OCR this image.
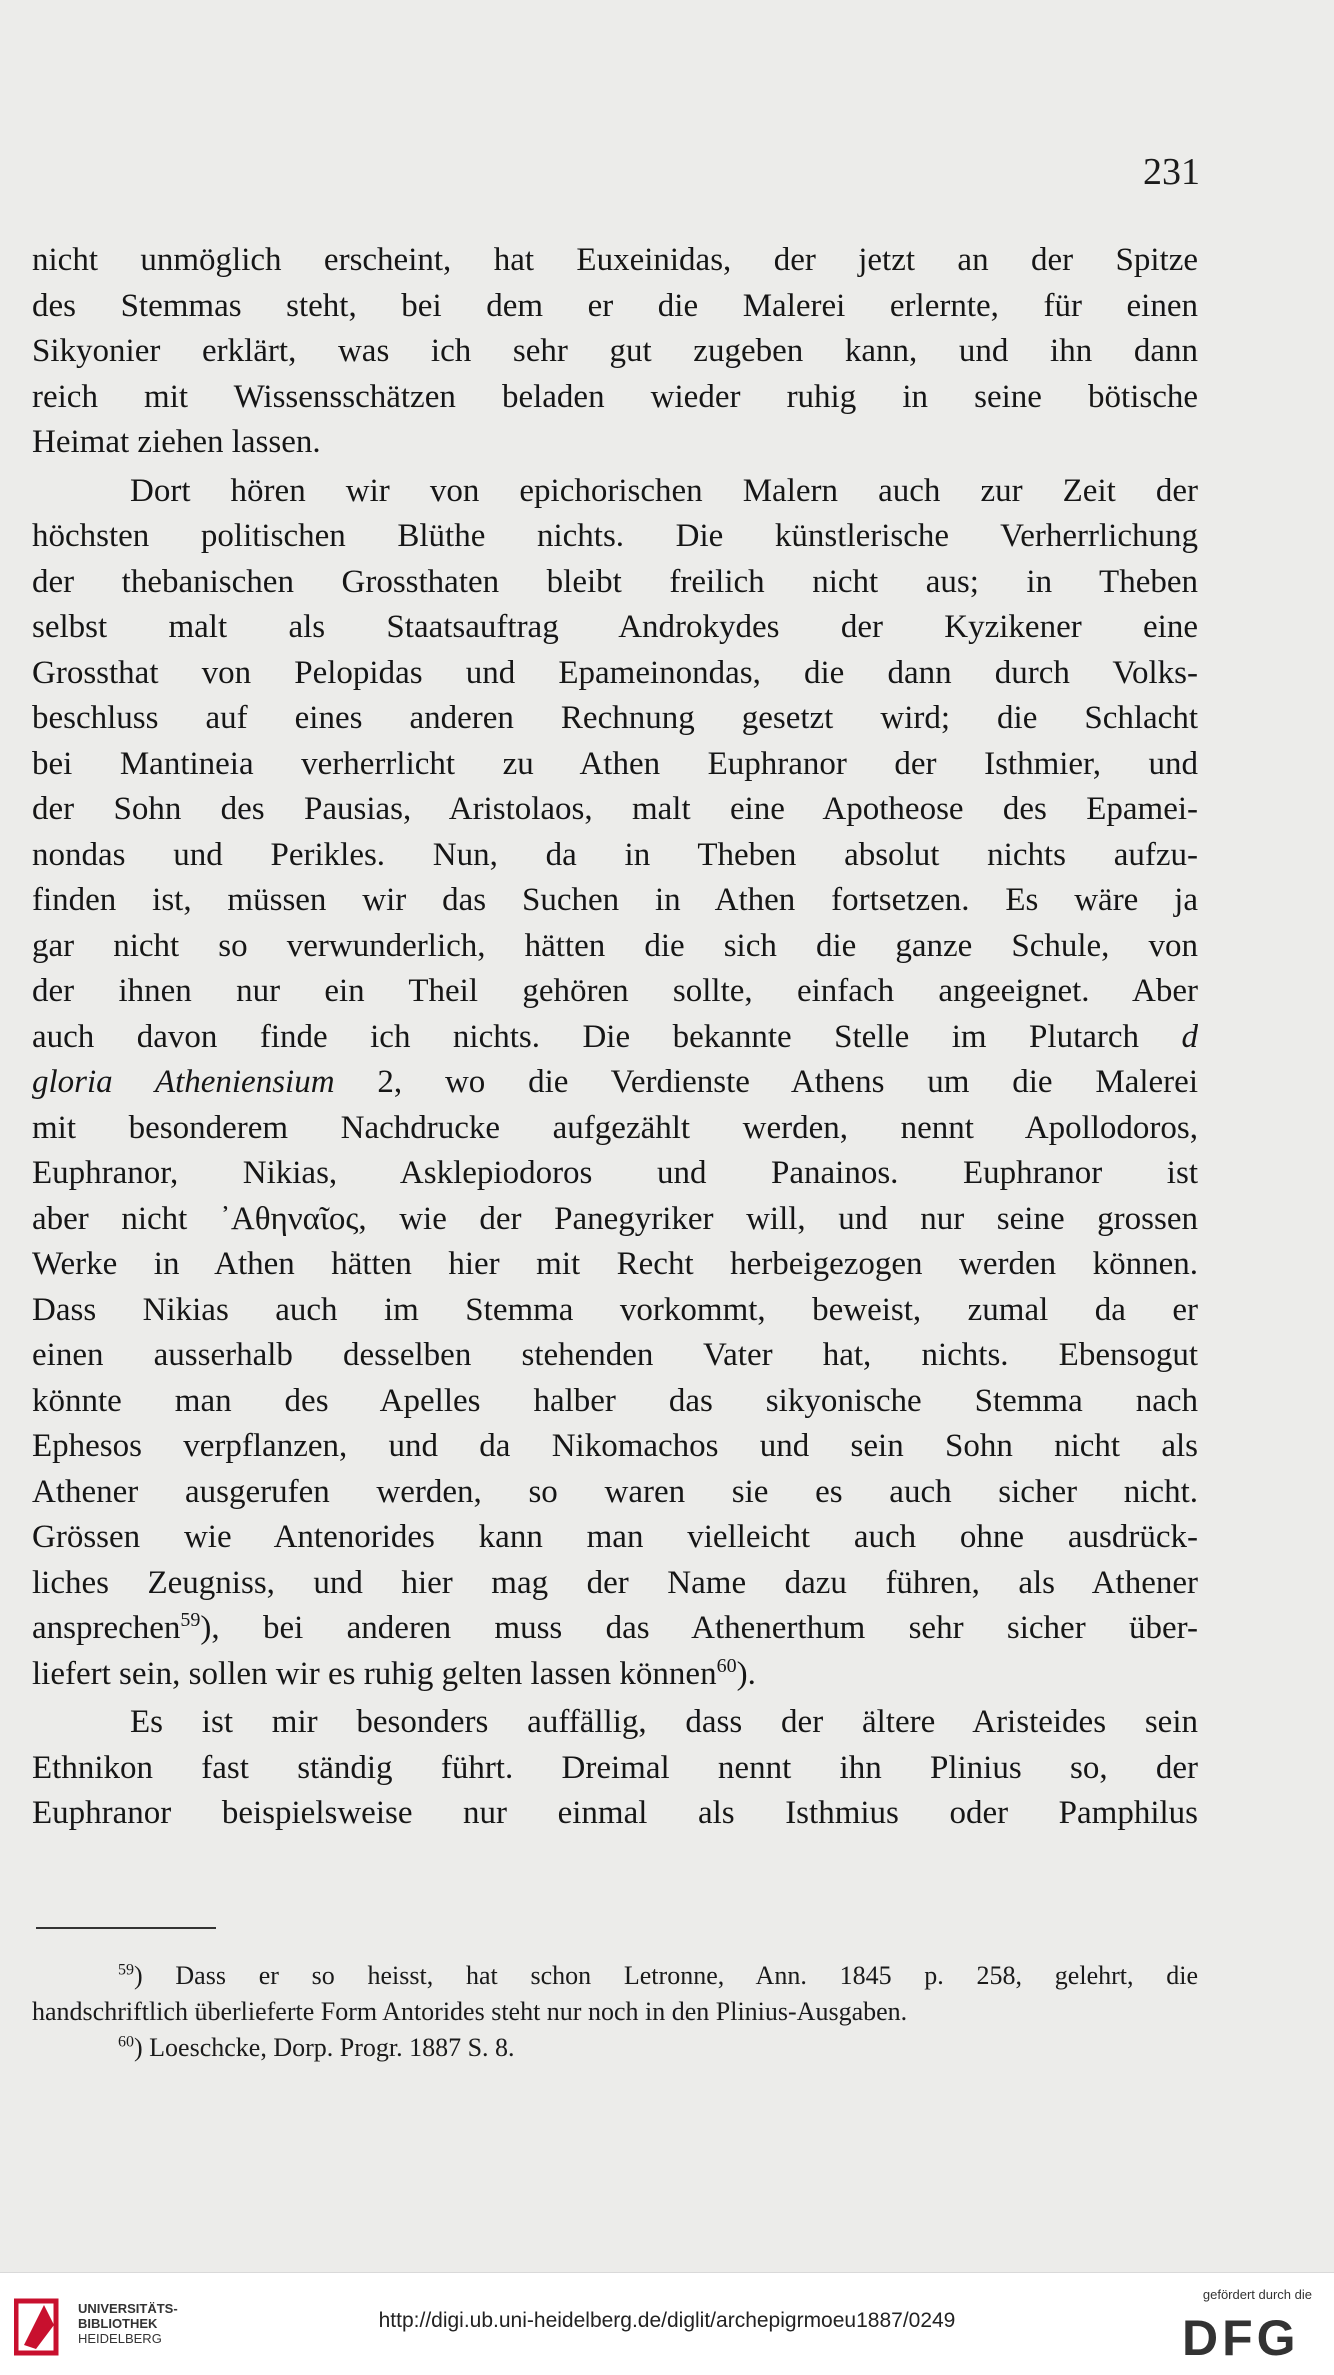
231

nicht unmöglich erscheint, hat Euxeinidas, der jetzt an der Spitze
des Stemmas steht, bei dem er die Malerei erlernte, für einen
Sikyonier erklärt, was ich sehr gut zugeben kann, und ihn dann
reich mit Wissensschätzen beladen wieder ruhig in seine bötische
Heimat ziehen lassen.
Dort hören wir von epichorischen Malern auch zur Zeit der
höchsten politischen Blüthe nichts. Die künstlerische Verherrlichung
der thebanischen Grossthaten bleibt freilich nicht aus; in Theben
selbst malt als Staatsauftrag Androkydes der Kyzikener eine
Grossthat von Pelopidas und Epameinondas, die dann durch Volks-
beschluss auf eines anderen Rechnung gesetzt wird; die Schlacht
bei Mantineia verherrlicht zu Athen Euphranor der Isthmier, und
der Sohn des Pausias, Aristolaos, malt eine Apotheose des Epamei-
nondas und Perikles. Nun, da in Theben absolut nichts aufzu-
finden ist, müssen wir das Suchen in Athen fortsetzen. Es wäre ja
gar nicht so verwunderlich, hätten die sich die ganze Schule, von
der ihnen nur ein Theil gehören sollte, einfach angeeignet. Aber
auch davon finde ich nichts. Die bekannte Stelle im Plutarch d
gloria Atheniensium 2, wo die Verdienste Athens um die Malerei
mit besonderem Nachdrucke aufgezählt werden, nennt Apollodoros,
Euphranor, Nikias, Asklepiodoros und Panainos. Euphranor ist
aber nicht ᾿Αθηναῖος, wie der Panegyriker will, und nur seine grossen
Werke in Athen hätten hier mit Recht herbeigezogen werden können.
Dass Nikias auch im Stemma vorkommt, beweist, zumal da er
einen ausserhalb desselben stehenden Vater hat, nichts. Ebensogut
könnte man des Apelles halber das sikyonische Stemma nach
Ephesos verpflanzen, und da Nikomachos und sein Sohn nicht als
Athener ausgerufen werden, so waren sie es auch sicher nicht.
Grössen wie Antenorides kann man vielleicht auch ohne ausdrück-
liches Zeugniss, und hier mag der Name dazu führen, als Athener
ansprechen$^{59}$), bei anderen muss das Athenerthum sehr sicher über-
liefert sein, sollen wir es ruhig gelten lassen können$^{60}$).
Es ist mir besonders auffällig, dass der ältere Aristeides sein
Ethnikon fast ständig führt. Dreimal nennt ihn Plinius so, der
Euphranor beispielsweise nur einmal als Isthmius oder Pamphilus
$^{59}$) Dass er so heisst, hat schon Letronne, Ann. 1845 p. 258, gelehrt, die
handschriftlich überlieferte Form Antorides steht nur noch in den Plinius-Ausgaben.
$^{60}$) Loeschcke, Dorp. Progr. 1887 S. 8.
UNIVERSITÄTS-
BIBLIOTHEK
HEIDELBERG
http://digi.ub.uni-heidelberg.de/diglit/archepigrmoeu1887/0249
gefördert durch die
DFG
